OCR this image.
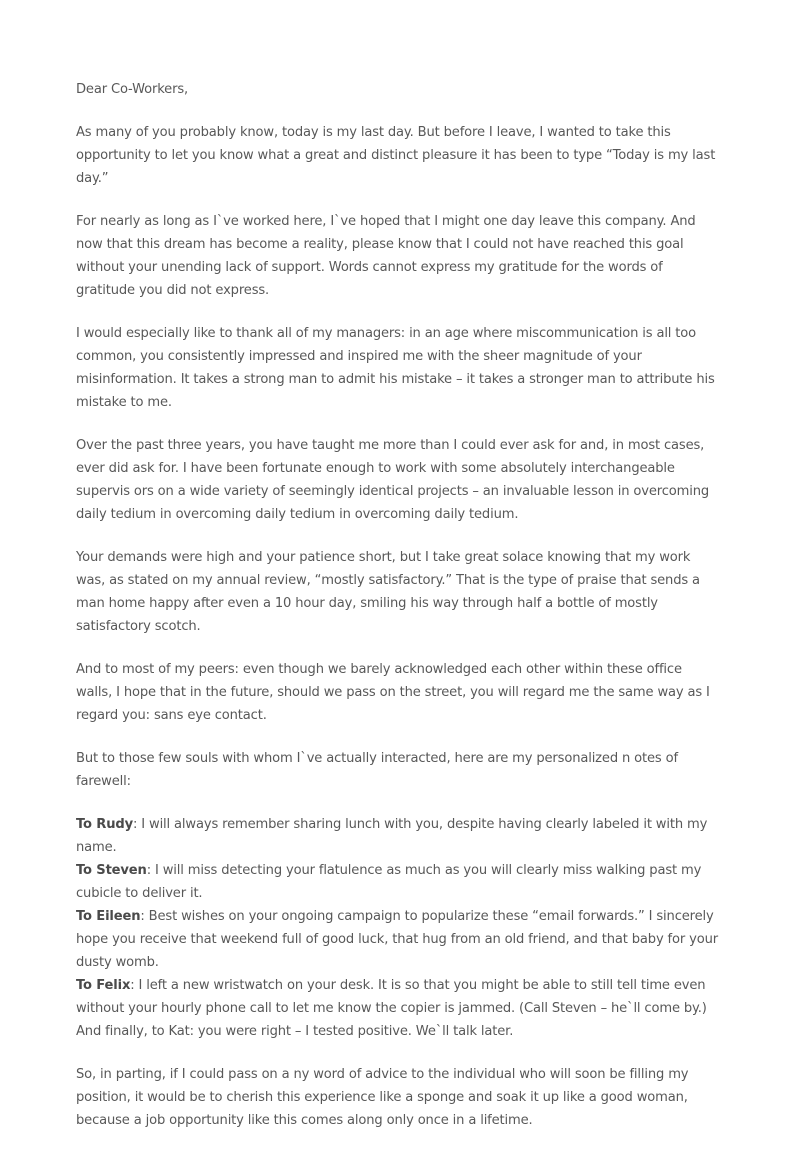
Dear Co-Workers,

As many of you probably know, today is my last day. But before I leave, I wanted to take this opportunity to let you know what a great and distinct pleasure it has been to type “Today is my last day.”

For nearly as long as I`ve worked here, I`ve hoped that I might one day leave this company. And now that this dream has become a reality, please know that I could not have reached this goal without your unending lack of support. Words cannot express my gratitude for the words of gratitude you did not express.

I would especially like to thank all of my managers: in an age where miscommunication is all too common, you consistently impressed and inspired me with the sheer magnitude of your misinformation. It takes a strong man to admit his mistake – it takes a stronger man to attribute his mistake to me.

Over the past three years, you have taught me more than I could ever ask for and, in most cases, ever did ask for. I have been fortunate enough to work with some absolutely interchangeable supervis ors on a wide variety of seemingly identical projects – an invaluable lesson in overcoming daily tedium in overcoming daily tedium in overcoming daily tedium.

Your demands were high and your patience short, but I take great solace knowing that my work was, as stated on my annual review, “mostly satisfactory.” That is the type of praise that sends a man home happy after even a 10 hour day, smiling his way through half a bottle of mostly satisfactory scotch.

And to most of my peers: even though we barely acknowledged each other within these office walls, I hope that in the future, should we pass on the street, you will regard me the same way as I regard you: sans eye contact.

But to those few souls with whom I`ve actually interacted, here are my personalized n otes of farewell:

To Rudy: I will always remember sharing lunch with you, despite having clearly labeled it with my name.

To Steven: I will miss detecting your flatulence as much as you will clearly miss walking past my cubicle to deliver it.

To Eileen: Best wishes on your ongoing campaign to popularize these “email forwards.” I sincerely hope you receive that weekend full of good luck, that hug from an old friend, and that baby for your dusty womb.

To Felix: I left a new wristwatch on your desk. It is so that you might be able to still tell time even without your hourly phone call to let me know the copier is jammed. (Call Steven – he`ll come by.)

And finally, to Kat: you were right – I tested positive. We`ll talk later.

So, in parting, if I could pass on a ny word of advice to the individual who will soon be filling my position, it would be to cherish this experience like a sponge and soak it up like a good woman, because a job opportunity like this comes along only once in a lifetime.
